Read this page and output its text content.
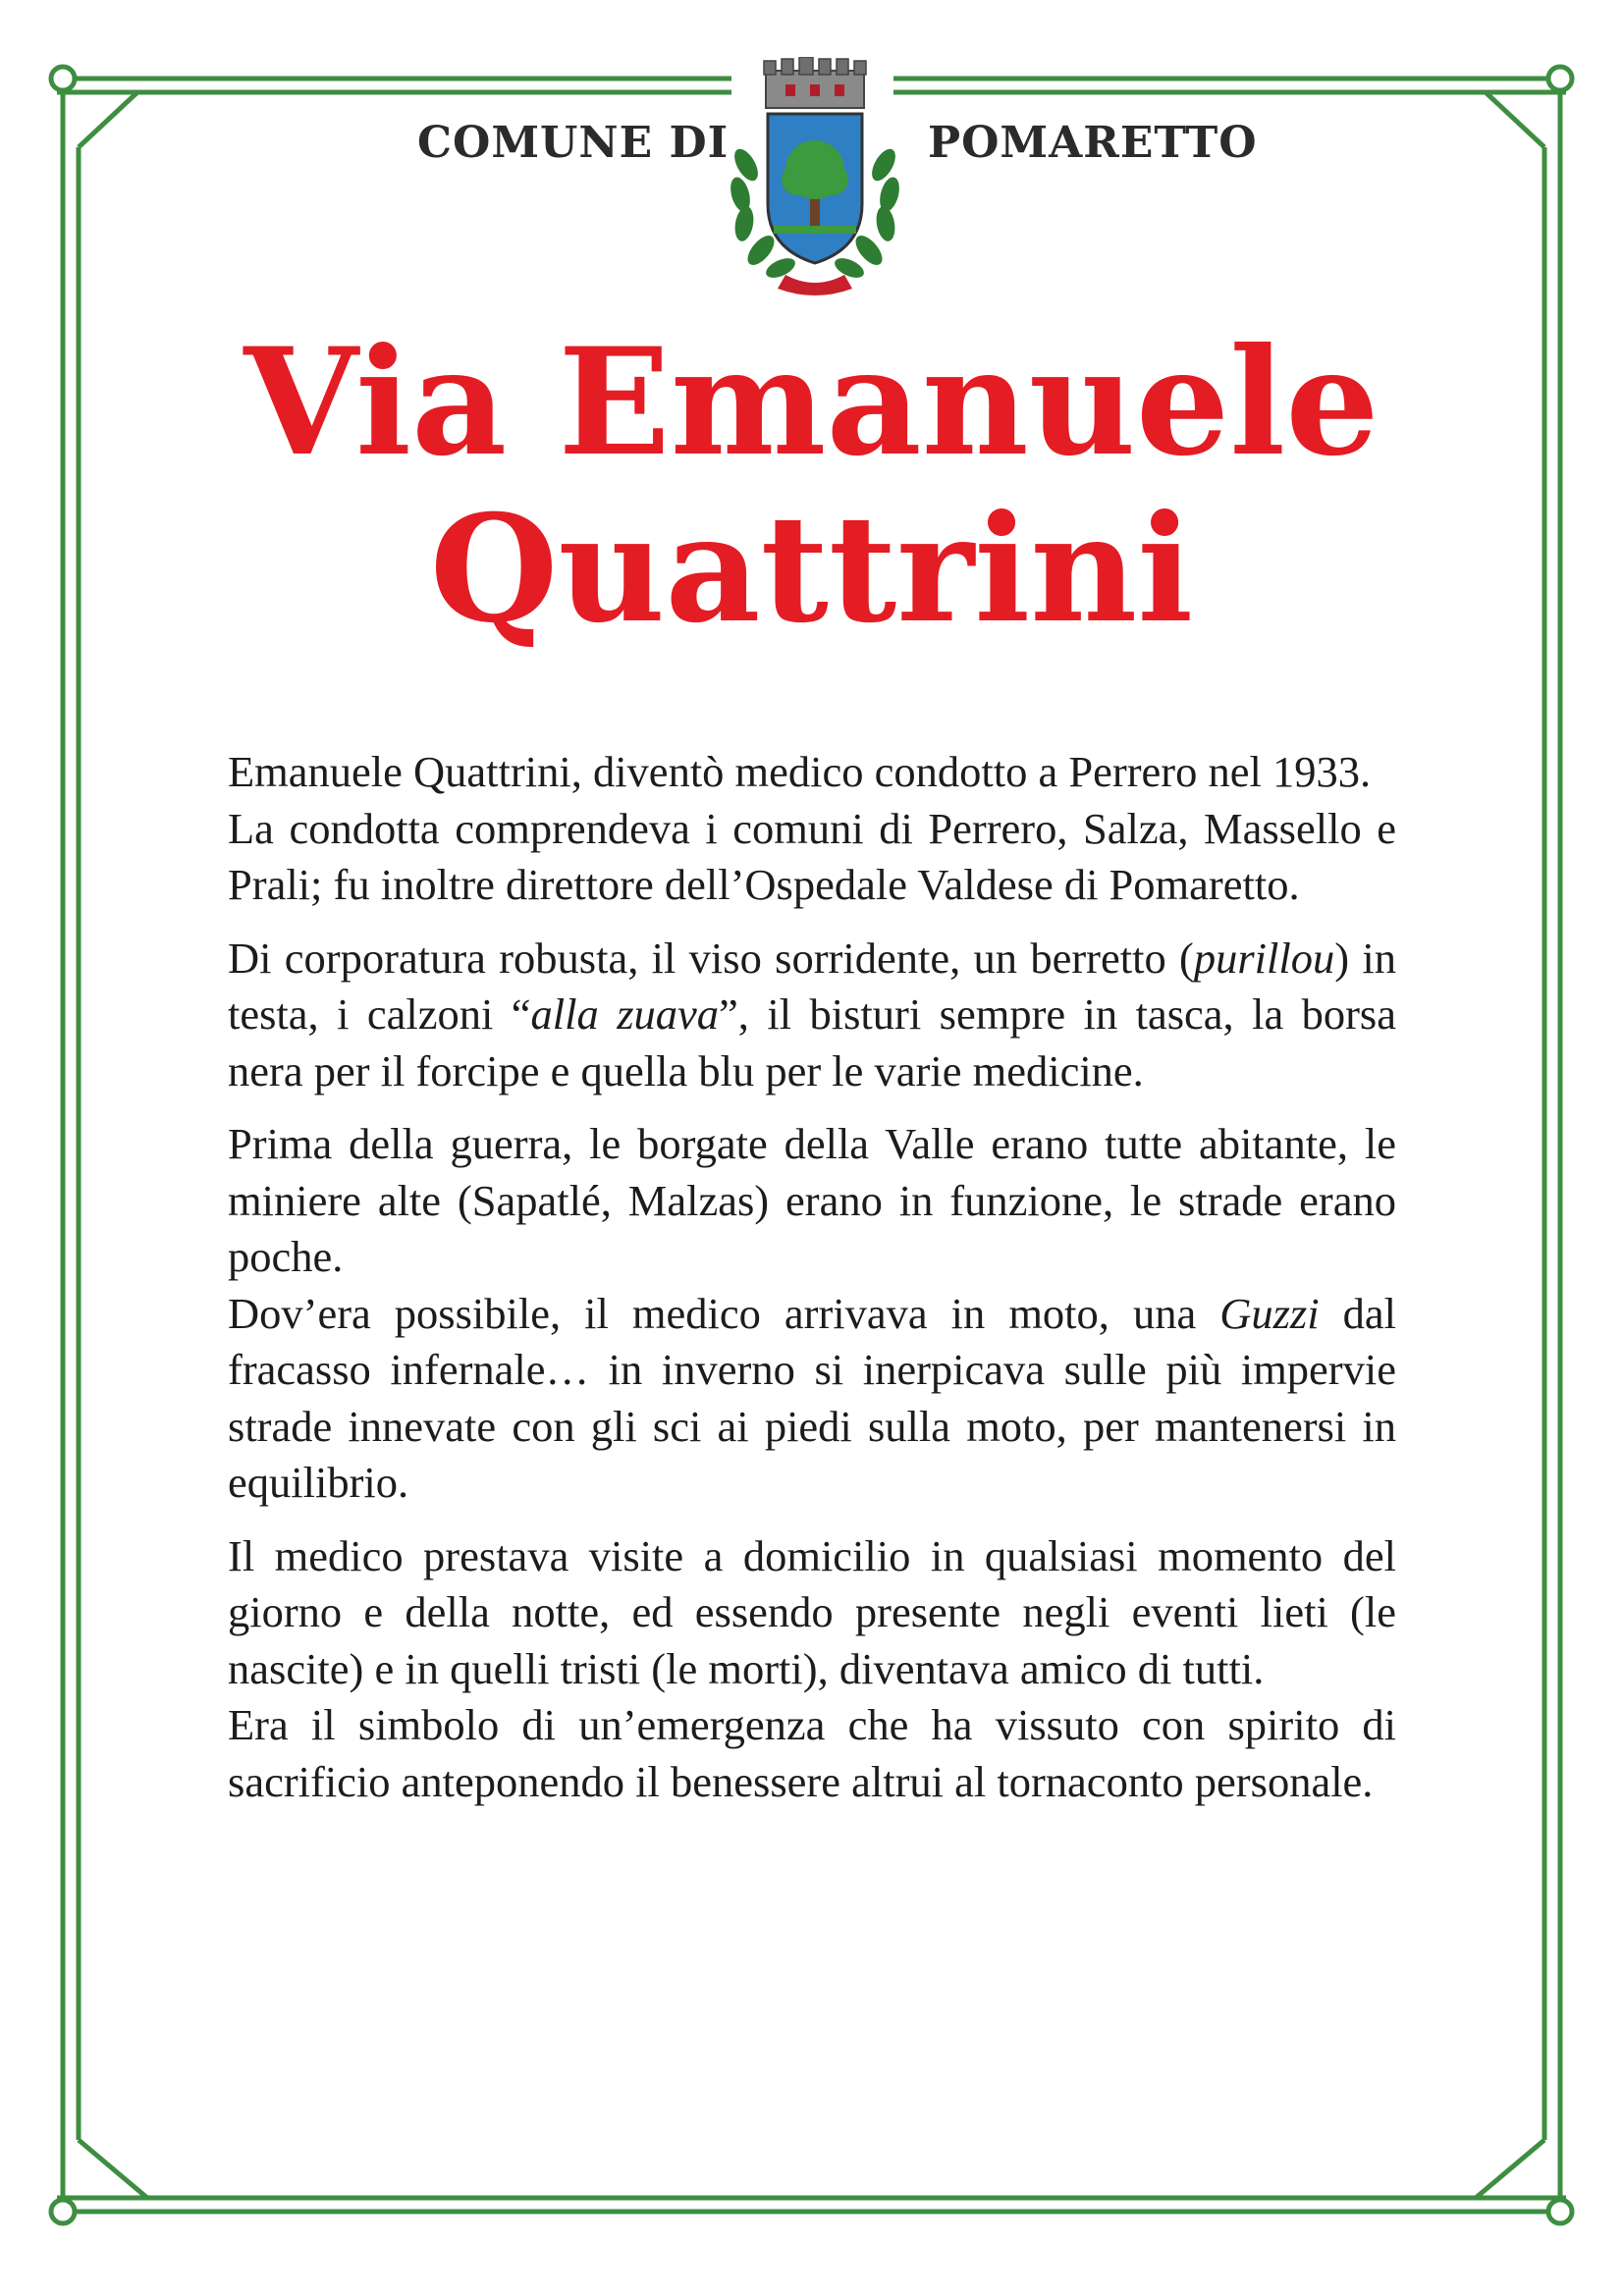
COMUNE DI	POMARETTO
Via Emanuele
Quattrini

Emanuele Quattrini, diventò medico condotto a Perrero nel 1933.

La condotta comprendeva i comuni di Perrero, Salza, Massello e Prali; fu inoltre direttore dell’Ospedale Valdese di Pomaretto.

Di corporatura robusta, il viso sorridente, un berretto (purillou) in testa, i calzoni “alla zuava”, il bisturi sempre in tasca, la borsa nera per il forcipe e quella blu per le varie medicine.

Prima della guerra, le borgate della Valle erano tutte abitante, le miniere alte (Sapatlé, Malzas) erano in funzione, le strade erano poche.

Dov’era possibile, il medico arrivava in moto, una Guzzi dal fracasso infernale… in inverno si inerpicava sulle più impervie strade innevate con gli sci ai piedi sulla moto, per mantenersi in equilibrio.

Il medico prestava visite a domicilio in qualsiasi momento del giorno e della notte, ed essendo presente negli eventi lieti (le nascite) e in quelli tristi (le morti), diventava amico di tutti.

Era il simbolo di un’emergenza che ha vissuto con spirito di sacrificio anteponendo il benessere altrui al tornaconto personale.
